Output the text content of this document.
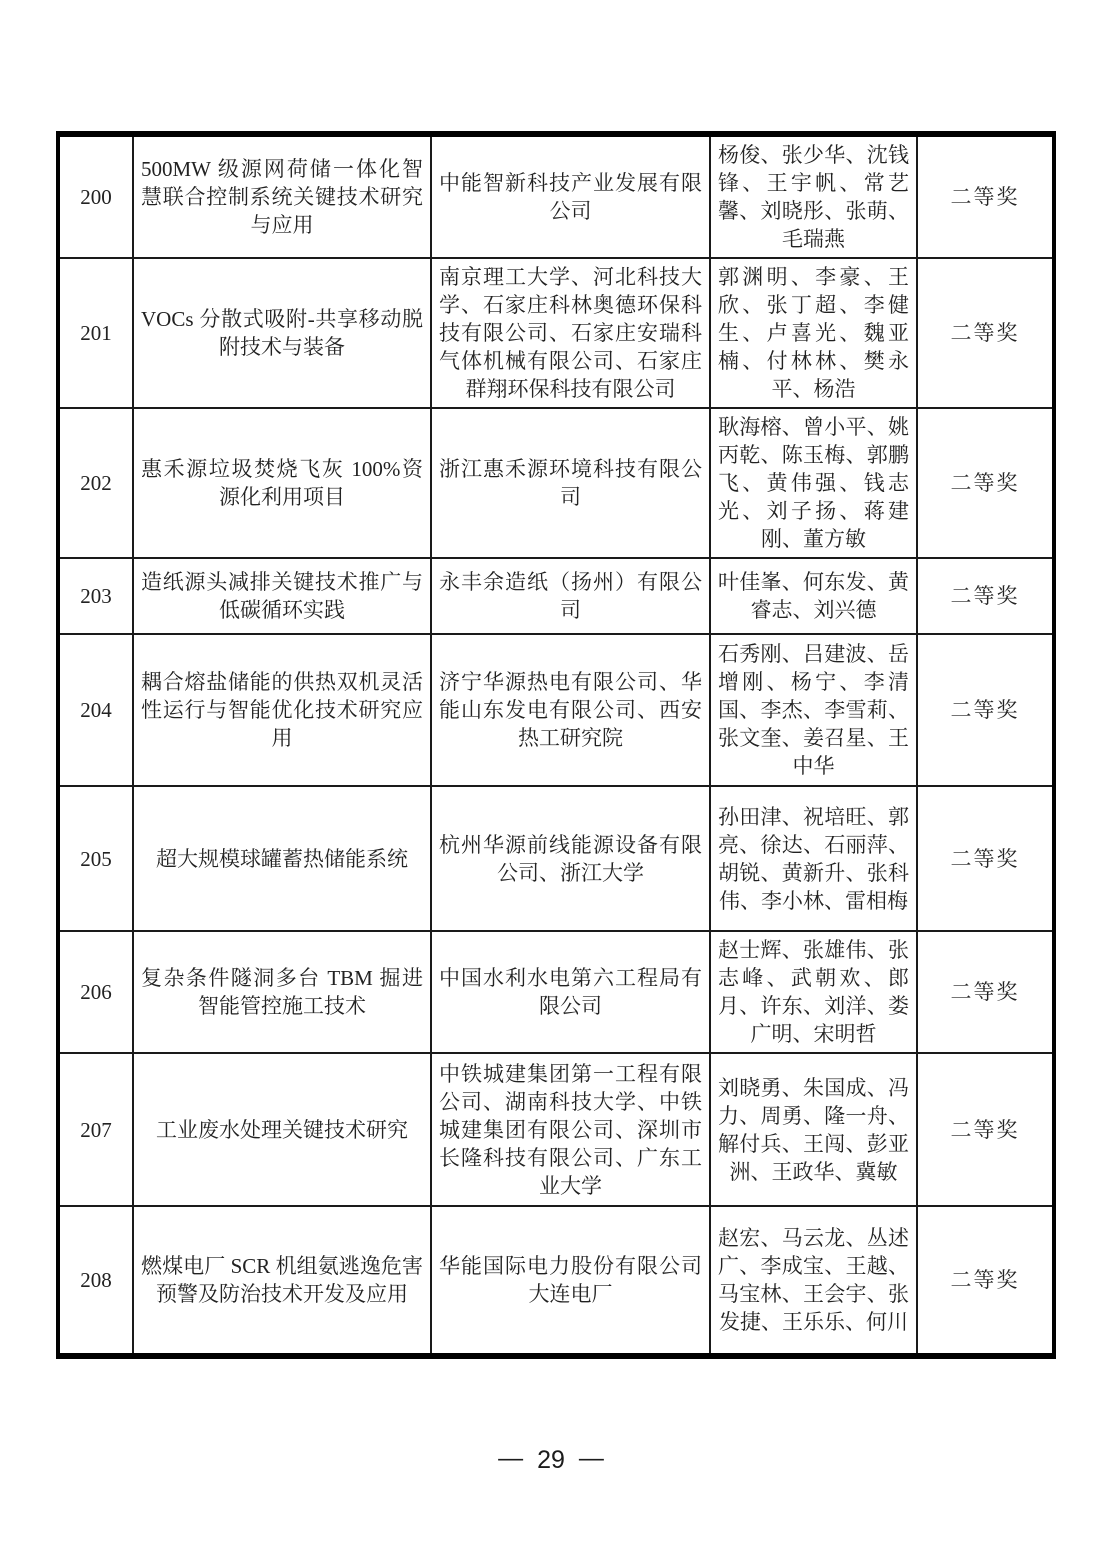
200	500MW 级源网荷储一体化智慧联合控制系统关键技术研究与应用	中能智新科技产业发展有限公司	杨俊、张少华、沈钱锋、王宇帆、常艺馨、刘晓彤、张萌、毛瑞燕	二等奖
201	VOCs 分散式吸附-共享移动脱附技术与装备	南京理工大学、河北科技大学、石家庄科林奥德环保科技有限公司、石家庄安瑞科气体机械有限公司、石家庄群翔环保科技有限公司	郭渊明、李豪、王欣、张丁超、李健生、卢喜光、魏亚楠、付林林、樊永平、杨浩	二等奖
202	惠禾源垃圾焚烧飞灰 100%资源化利用项目	浙江惠禾源环境科技有限公司	耿海榕、曾小平、姚丙乾、陈玉梅、郭鹏飞、黄伟强、钱志光、刘子扬、蒋建刚、董方敏	二等奖
203	造纸源头减排关键技术推广与低碳循环实践	永丰余造纸（扬州）有限公司	叶佳峯、何东发、黄睿志、刘兴德	二等奖
204	耦合熔盐储能的供热双机灵活性运行与智能优化技术研究应用	济宁华源热电有限公司、华能山东发电有限公司、西安热工研究院	石秀刚、吕建波、岳增刚、杨宁、李清国、李杰、李雪莉、张文奎、姜召星、王中华	二等奖
205	超大规模球罐蓄热储能系统	杭州华源前线能源设备有限公司、浙江大学	孙田津、祝培旺、郭亮、徐达、石丽萍、胡锐、黄新升、张科伟、李小林、雷相梅	二等奖
206	复杂条件隧洞多台 TBM 掘进智能管控施工技术	中国水利水电第六工程局有限公司	赵士辉、张雄伟、张志峰、武朝欢、郎月、许东、刘洋、娄广明、宋明哲	二等奖
207	工业废水处理关键技术研究	中铁城建集团第一工程有限公司、湖南科技大学、中铁城建集团有限公司、深圳市长隆科技有限公司、广东工业大学	刘晓勇、朱国成、冯力、周勇、隆一舟、解付兵、王闯、彭亚洲、王政华、冀敏	二等奖
208	燃煤电厂 SCR 机组氨逃逸危害预警及防治技术开发及应用	华能国际电力股份有限公司大连电厂	赵宏、马云龙、丛述广、李成宝、王越、马宝林、王会宇、张发捷、王乐乐、何川	二等奖
— 29 —
